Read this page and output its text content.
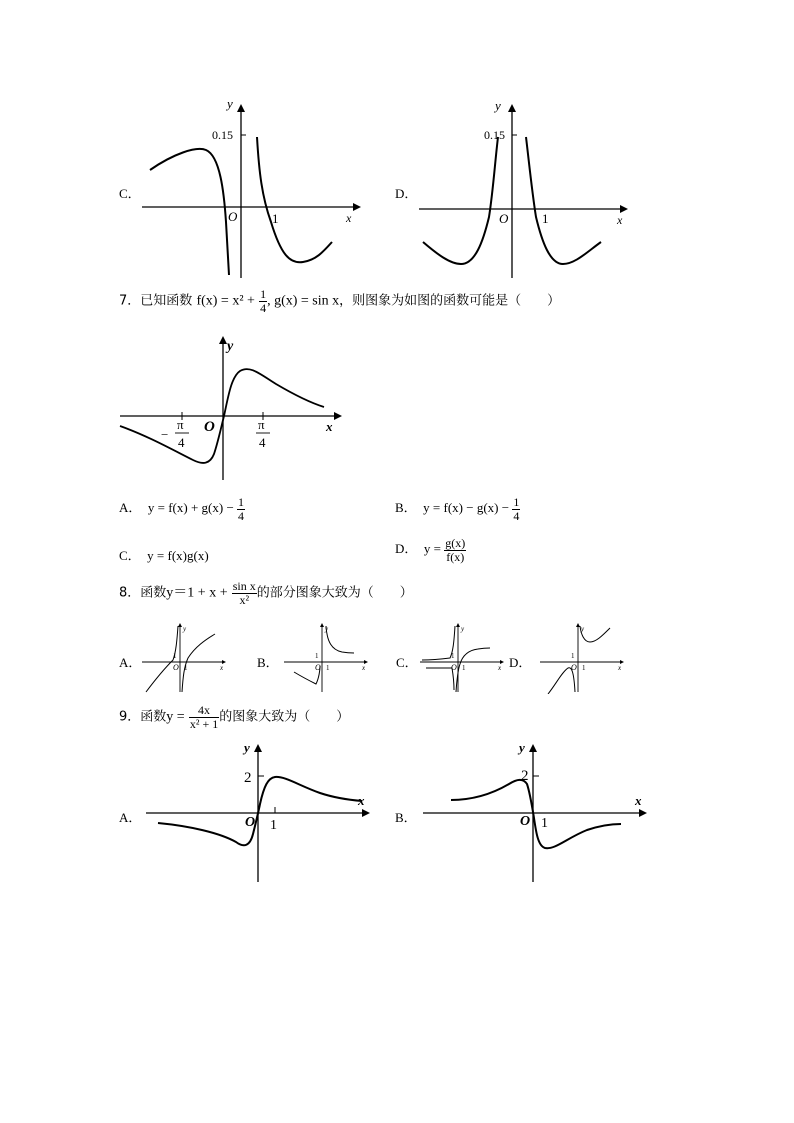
C．
y
0.15
O	1	x
D．
y
0.15
O	1	x
7．已知函数 $f(x) = x^2 + \frac{1}{4}$ , g(x) = sin x，则图象为如图的函数可能是（　　）
y
O	x
−
π
4
π
4
A． $y = f(x) + g(x) - \frac{1}{4}$	B． $y = f(x) - g(x) - \frac{1}{4}$
C． y = f(x)g(x)	D． $y = \frac{g(x)}{f(x)}$
8．函数$y=1 + x + \frac{\text{sin x}}{\text{x²}}$ 的部分图象大致为（　　）
A．
y
O
1
1	x	B．
y
O
1
1	x C．
y
O
1
1	x D．
y
O
1
1	x
9．函数$y = \frac{4x}{\text{x² + 1}}$ 的图象大致为（　　）
A．
y
2
O 1
x
B．
y
2
O 1
x
